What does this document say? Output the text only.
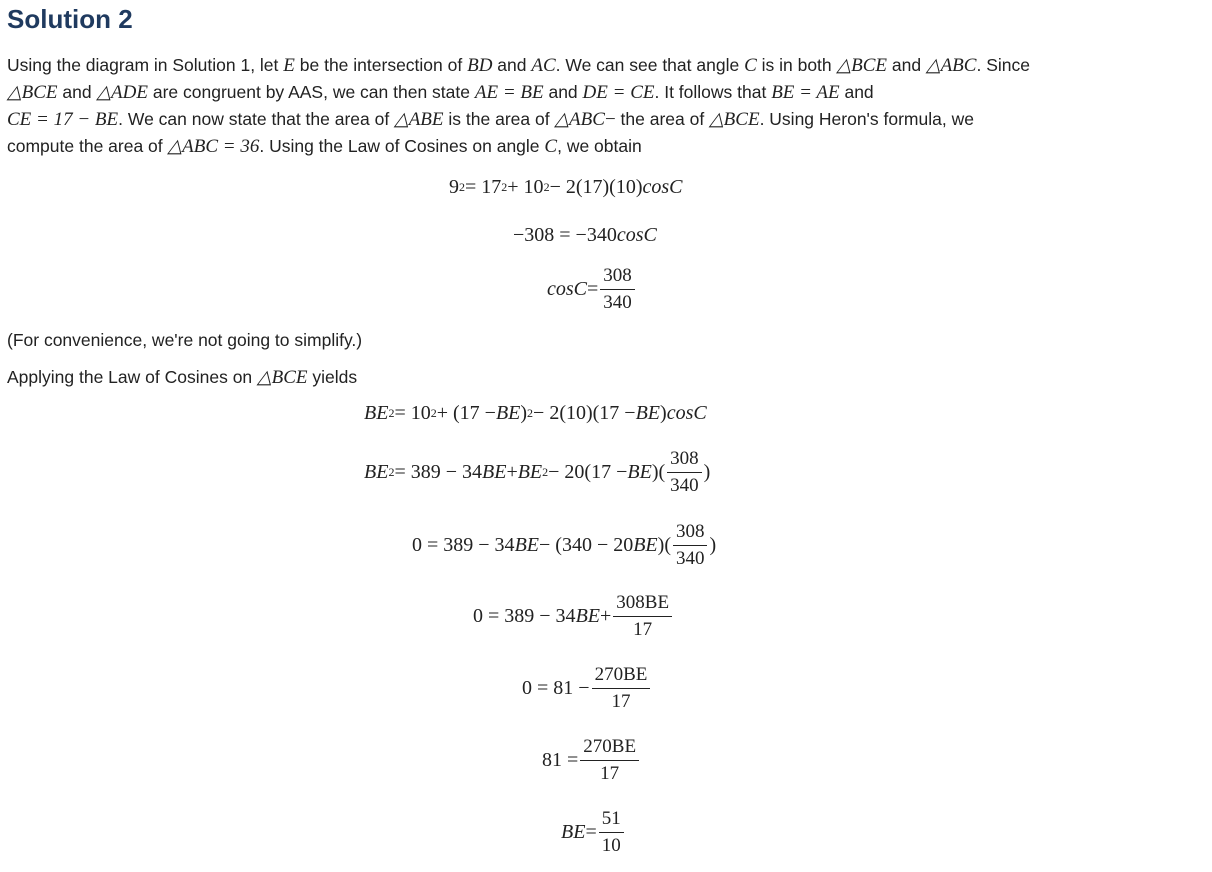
Solution 2
Using the diagram in Solution 1, let E be the intersection of BD and AC. We can see that angle C is in both △BCE and △ABC. Since
△BCE and △ADE are congruent by AAS, we can then state AE = BE and DE = CE. It follows that BE = AE and
CE = 17 − BE. We can now state that the area of △ABE is the area of △ABC− the area of △BCE. Using Heron's formula, we
compute the area of △ABC = 36. Using the Law of Cosines on angle C, we obtain
9 2 = 17 2 + 10 2 − 2(17)(10) cosC
−308 = −340 cosC
$\cos C = \frac{308}{340}$

(For convenience, we're not going to simplify.)

Applying the Law of Cosines on △BCE yields

BE 2 = 10 2 + (17 − BE ) 2 − 2(10)(17 − BE ) cosC
BE 2 = 389 − 34 BE + BE 2 − 20(17 − BE )( $\frac{308}{340}$ )
0 = 389 − 34 BE − (340 − 20 BE )( $\frac{308}{340}$ )
0 = 389 − 34 BE + $\frac{308BE}{17}$
$0 = 81 - \frac{270BE}{17}$
$81 = \frac{270BE}{17}$
BE = $\frac{51}{10}$
